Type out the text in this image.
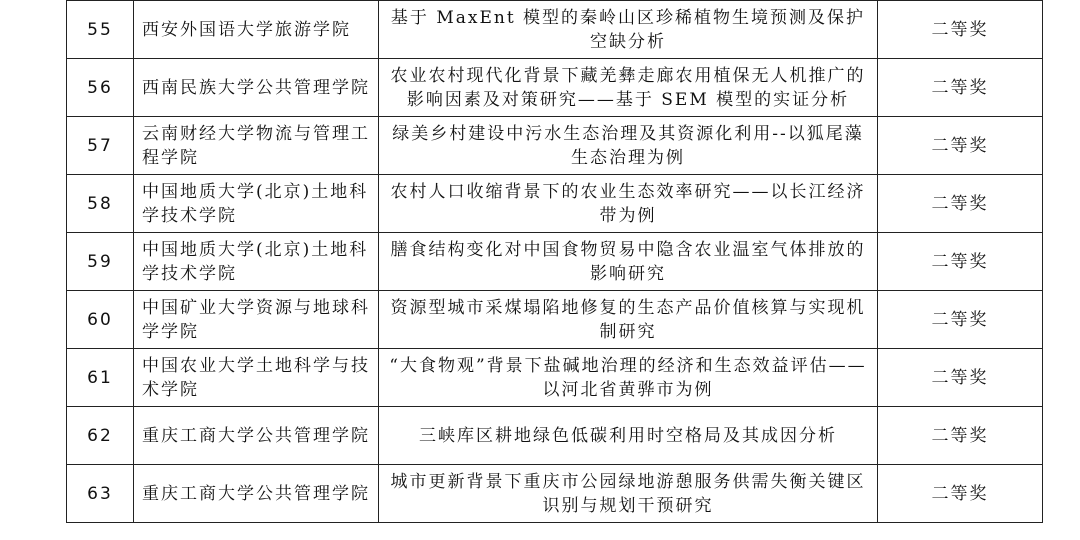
55	西安外国语大学旅游学院	基于 MaxEnt 模型的秦岭山区珍稀植物生境预测及保护空缺分析	二等奖
56	西南民族大学公共管理学院	农业农村现代化背景下藏羌彝走廊农用植保无人机推广的影响因素及对策研究——基于 SEM 模型的实证分析	二等奖
57	云南财经大学物流与管理工程学院	绿美乡村建设中污水生态治理及其资源化利用--以狐尾藻生态治理为例	二等奖
58	中国地质大学(北京)土地科学技术学院	农村人口收缩背景下的农业生态效率研究——以长江经济带为例	二等奖
59	中国地质大学(北京)土地科学技术学院	膳食结构变化对中国食物贸易中隐含农业温室气体排放的影响研究	二等奖
60	中国矿业大学资源与地球科学学院	资源型城市采煤塌陷地修复的生态产品价值核算与实现机制研究	二等奖
61	中国农业大学土地科学与技术学院	“大食物观”背景下盐碱地治理的经济和生态效益评估——以河北省黄骅市为例	二等奖
62	重庆工商大学公共管理学院	三峡库区耕地绿色低碳利用时空格局及其成因分析	二等奖
63	重庆工商大学公共管理学院	城市更新背景下重庆市公园绿地游憩服务供需失衡关键区识别与规划干预研究	二等奖
